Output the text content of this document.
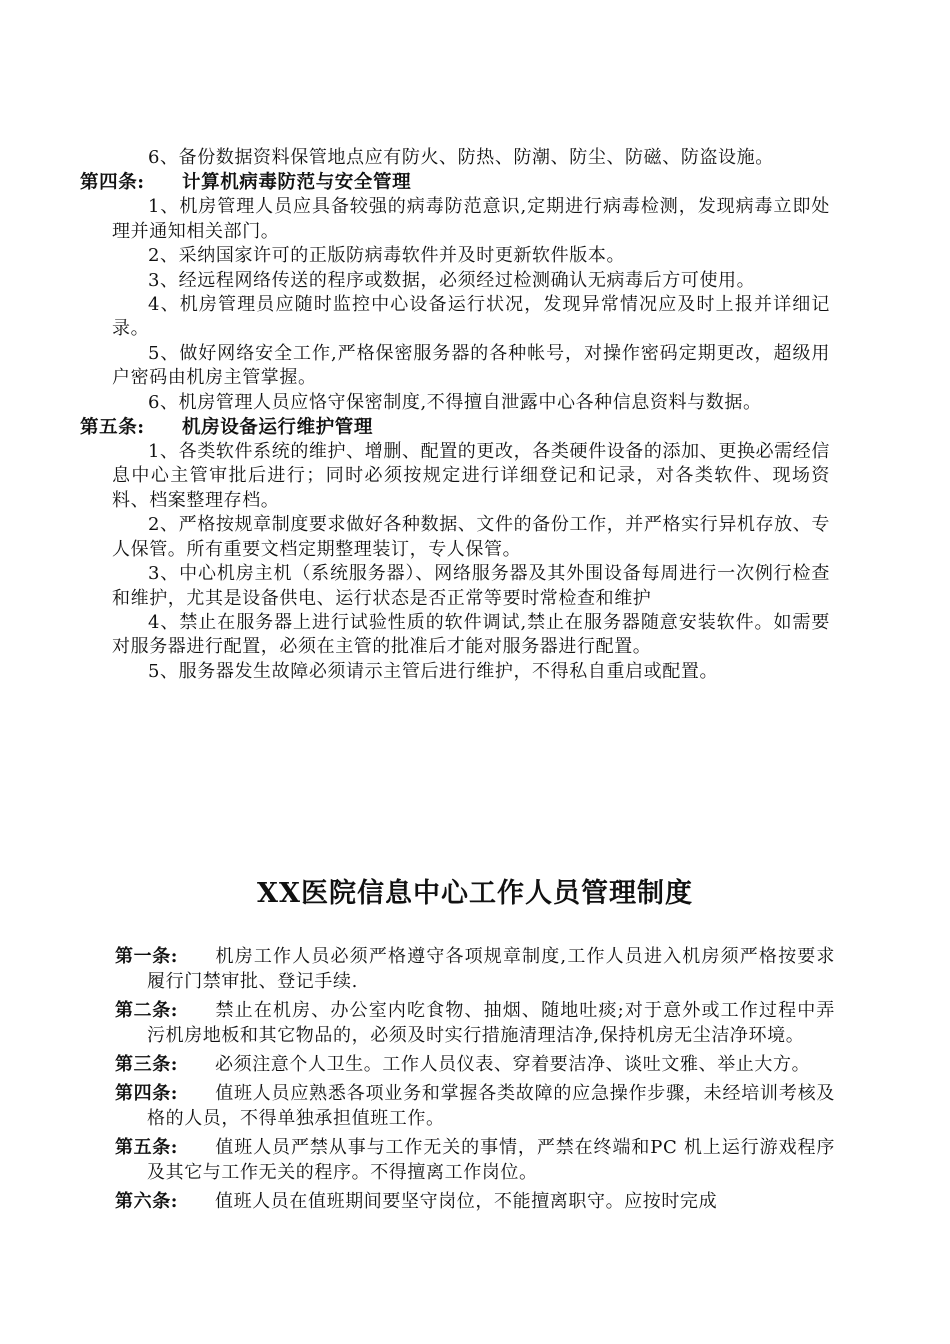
6、备份数据资料保管地点应有防火、防热、防潮、防尘、防磁、防盗设施。

第四条: 计算机病毒防范与安全管理

1、机房管理人员应具备较强的病毒防范意识,定期进行病毒检测，发现病毒立即处理并通知相关部门。

2、采纳国家许可的正版防病毒软件并及时更新软件版本。

3、经远程网络传送的程序或数据，必须经过检测确认无病毒后方可使用。

4、机房管理员应随时监控中心设备运行状况，发现异常情况应及时上报并详细记录。

5、做好网络安全工作,严格保密服务器的各种帐号，对操作密码定期更改，超级用户密码由机房主管掌握。

6、机房管理人员应恪守保密制度,不得擅自泄露中心各种信息资料与数据。

第五条: 机房设备运行维护管理

1、各类软件系统的维护、增删、配置的更改，各类硬件设备的添加、更换必需经信息中心主管审批后进行；同时必须按规定进行详细登记和记录，对各类软件、现场资料、档案整理存档。

2、严格按规章制度要求做好各种数据、文件的备份工作，并严格实行异机存放、专人保管。所有重要文档定期整理装订，专人保管。

3、中心机房主机（系统服务器）、网络服务器及其外围设备每周进行一次例行检查和维护，尤其是设备供电、运行状态是否正常等要时常检查和维护

4、禁止在服务器上进行试验性质的软件调试,禁止在服务器随意安装软件。如需要对服务器进行配置，必须在主管的批准后才能对服务器进行配置。

5、服务器发生故障必须请示主管后进行维护，不得私自重启或配置。

XX医院信息中心工作人员管理制度

第一条: 机房工作人员必须严格遵守各项规章制度,工作人员进入机房须严格按要求履行门禁审批、登记手续.

第二条: 禁止在机房、办公室内吃食物、抽烟、随地吐痰;对于意外或工作过程中弄污机房地板和其它物品的，必须及时实行措施清理洁净,保持机房无尘洁净环境。

第三条: 必须注意个人卫生。工作人员仪表、穿着要洁净、谈吐文雅、举止大方。

第四条: 值班人员应熟悉各项业务和掌握各类故障的应急操作步骤，未经培训考核及格的人员，不得单独承担值班工作。

第五条: 值班人员严禁从事与工作无关的事情，严禁在终端和PC 机上运行游戏程序及其它与工作无关的程序。不得擅离工作岗位。

第六条: 值班人员在值班期间要坚守岗位，不能擅离职守。应按时完成
